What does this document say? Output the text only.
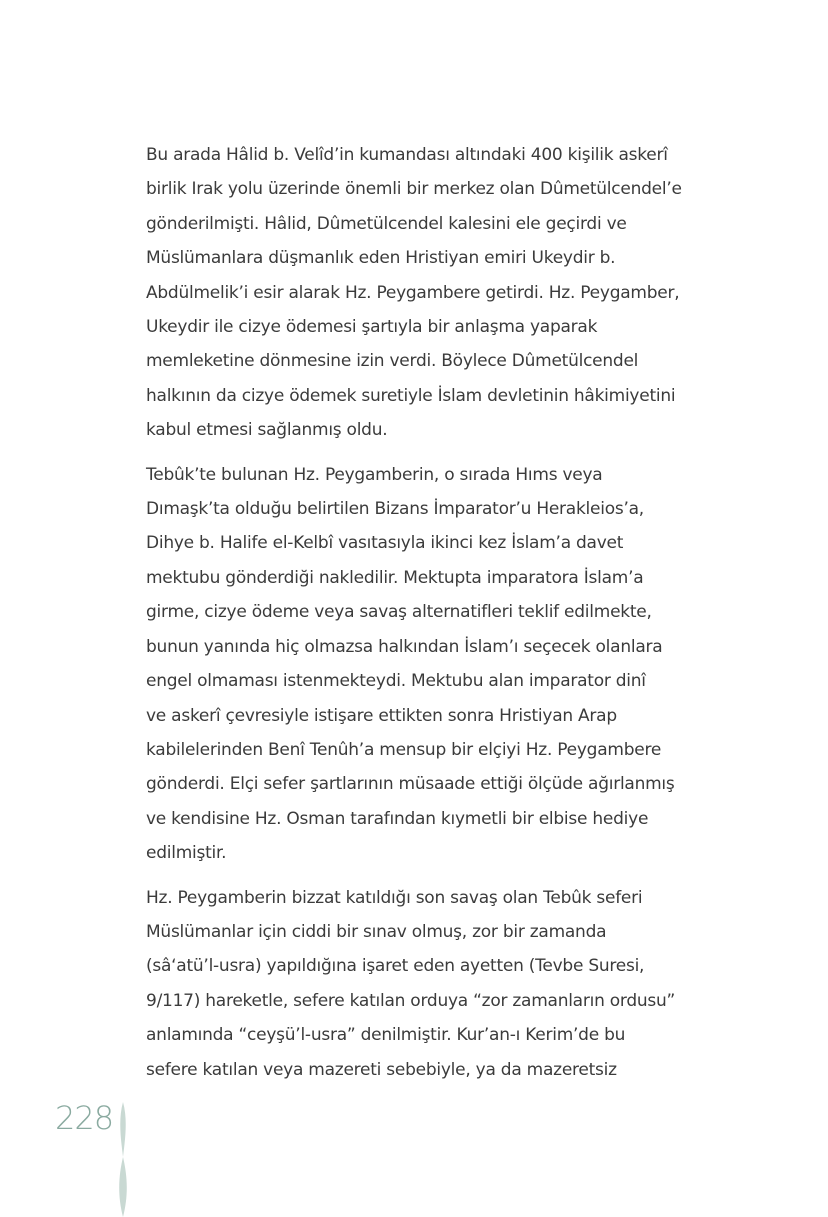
Bu arada Hâlid b. Velîd’in kumandası altındaki 400 kişilik askerî
birlik Irak yolu üzerinde önemli bir merkez olan Dûmetülcendel’e
gönderilmişti. Hâlid, Dûmetülcendel kalesini ele geçirdi ve
Müslümanlara düşmanlık eden Hristiyan emiri Ukeydir b.
Abdülmelik’i esir alarak Hz. Peygambere getirdi. Hz. Peygamber,
Ukeydir ile cizye ödemesi şartıyla bir anlaşma yaparak
memleketine dönmesine izin verdi. Böylece Dûmetülcendel
halkının da cizye ödemek suretiyle İslam devletinin hâkimiyetini
kabul etmesi sağlanmış oldu.

Tebûk’te bulunan Hz. Peygamberin, o sırada Hıms veya
Dımaşk’ta olduğu belirtilen Bizans İmparator’u Herakleios’a,
Dihye b. Halife el-Kelbî vasıtasıyla ikinci kez İslam’a davet
mektubu gönderdiği nakledilir. Mektupta imparatora İslam’a
girme, cizye ödeme veya savaş alternatifleri teklif edilmekte,
bunun yanında hiç olmazsa halkından İslam’ı seçecek olanlara
engel olmaması istenmekteydi. Mektubu alan imparator dinî
ve askerî çevresiyle istişare ettikten sonra Hristiyan Arap
kabilelerinden Benî Tenûh’a mensup bir elçiyi Hz. Peygambere
gönderdi. Elçi sefer şartlarının müsaade ettiği ölçüde ağırlanmış
ve kendisine Hz. Osman tarafından kıymetli bir elbise hediye
edilmiştir.

Hz. Peygamberin bizzat katıldığı son savaş olan Tebûk seferi
Müslümanlar için ciddi bir sınav olmuş, zor bir zamanda
(sâ‘atü’l-usra) yapıldığına işaret eden ayetten (Tevbe Suresi,
9/117) hareketle, sefere katılan orduya “zor zamanların ordusu”
anlamında “ceyşü’l-usra” denilmiştir. Kur’an-ı Kerim’de bu
sefere katılan veya mazereti sebebiyle, ya da mazeretsiz

228
